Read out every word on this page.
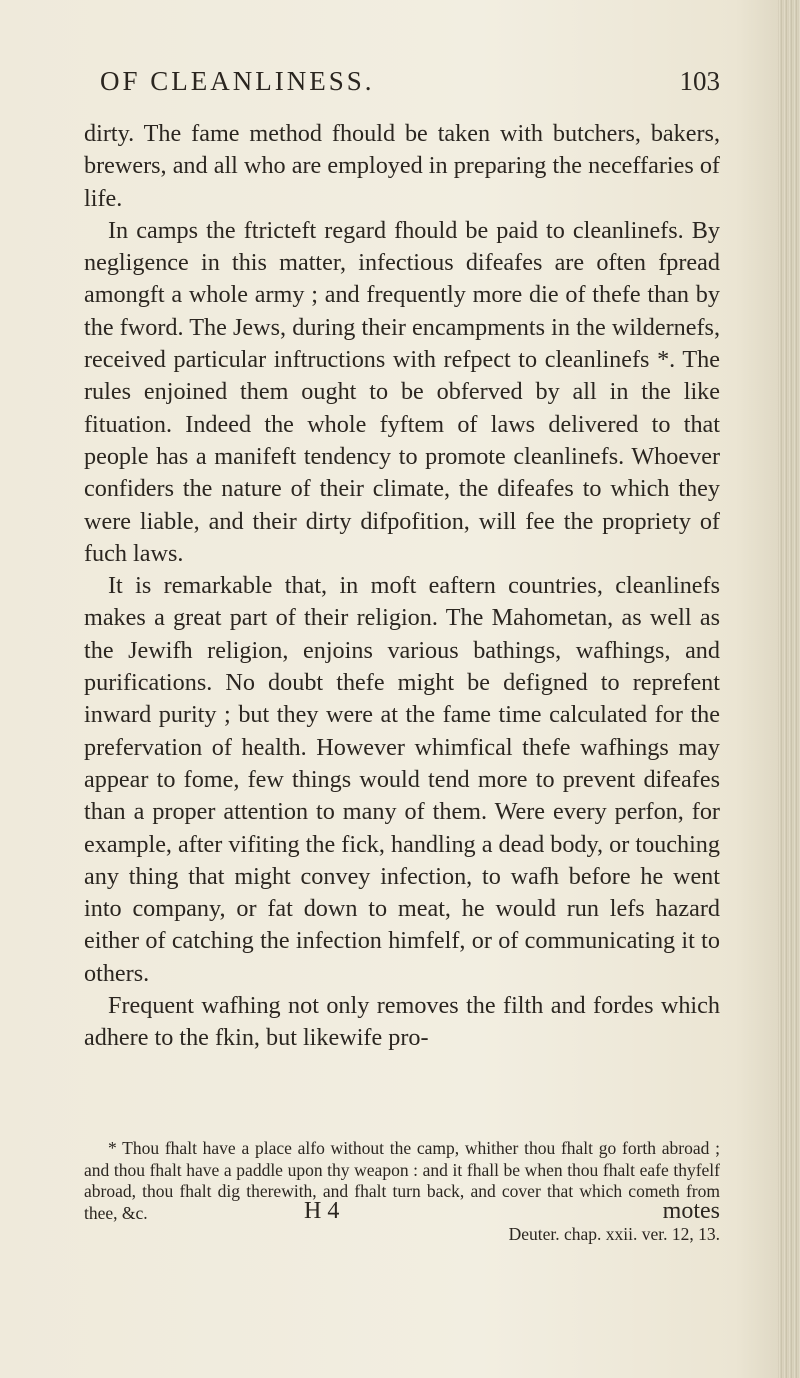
OF CLEANLINESS.	103

dirty. The fame method fhould be taken with butchers, bakers, brewers, and all who are employed in preparing the neceffaries of life.

In camps the ftricteft regard fhould be paid to cleanlinefs. By negligence in this matter, infectious difeafes are often fpread amongft a whole army ; and frequently more die of thefe than by the fword. The Jews, during their encampments in the wildernefs, received particular inftructions with refpect to cleanlinefs *. The rules enjoined them ought to be obferved by all in the like fituation. Indeed the whole fyftem of laws delivered to that people has a manifeft tendency to promote cleanlinefs. Whoever confiders the nature of their climate, the difeafes to which they were liable, and their dirty difpofition, will fee the propriety of fuch laws.

It is remarkable that, in moft eaftern countries, cleanlinefs makes a great part of their religion. The Mahometan, as well as the Jewifh religion, enjoins various bathings, wafhings, and purifications. No doubt thefe might be defigned to reprefent inward purity ; but they were at the fame time calculated for the prefervation of health. However whimfical thefe wafhings may appear to fome, few things would tend more to prevent difeafes than a proper attention to many of them. Were every perfon, for example, after vifiting the fick, handling a dead body, or touching any thing that might convey infection, to wafh before he went into company, or fat down to meat, he would run lefs hazard either of catching the infection himfelf, or of communicating it to others.

Frequent wafhing not only removes the filth and fordes which adhere to the fkin, but likewife pro-

* Thou fhalt have a place alfo without the camp, whither thou fhalt go forth abroad ; and thou fhalt have a paddle upon thy weapon : and it fhall be when thou fhalt eafe thyfelf abroad, thou fhalt dig therewith, and fhalt turn back, and cover that which cometh from thee, &c.
Deuter. chap. xxii. ver. 12, 13.

H 4	motes
